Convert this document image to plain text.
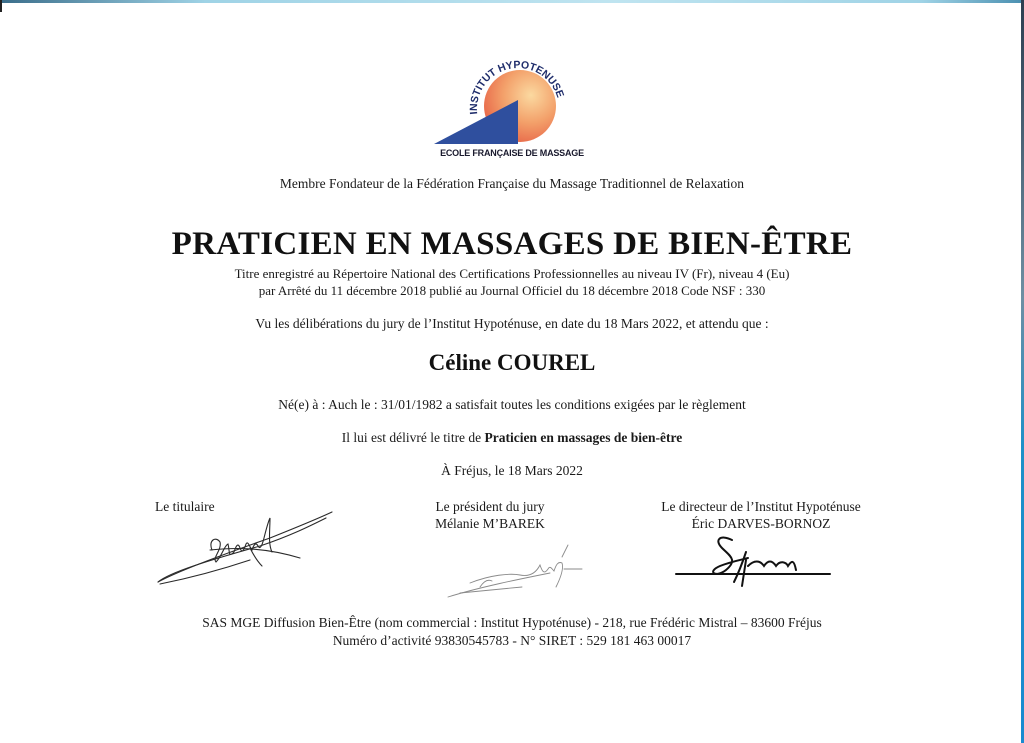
INSTITUT HYPOTENUSE
ECOLE FRANÇAISE DE MASSAGE
Membre Fondateur de la Fédération Française du Massage Traditionnel de Relaxation
PRATICIEN EN MASSAGES DE BIEN-ÊTRE
Titre enregistré au Répertoire National des Certifications Professionnelles au niveau IV (Fr), niveau 4 (Eu)
par Arrêté du 11 décembre 2018 publié au Journal Officiel du 18 décembre 2018 Code NSF : 330
Vu les délibérations du jury de l’Institut Hypoténuse, en date du 18 Mars 2022, et attendu que :
Céline COUREL
Né(e) à : Auch le : 31/01/1982 a satisfait toutes les conditions exigées par le règlement
Il lui est délivré le titre de Praticien en massages de bien-être
À Fréjus, le 18 Mars 2022
Le titulaire	Le président du jury
Mélanie M’BAREK
Le directeur de l’Institut Hypoténuse
Éric DARVES-BORNOZ
SAS MGE Diffusion Bien-Être (nom commercial : Institut Hypoténuse) - 218, rue Frédéric Mistral – 83600 Fréjus
Numéro d’activité 93830545783 - N° SIRET : 529 181 463 00017
